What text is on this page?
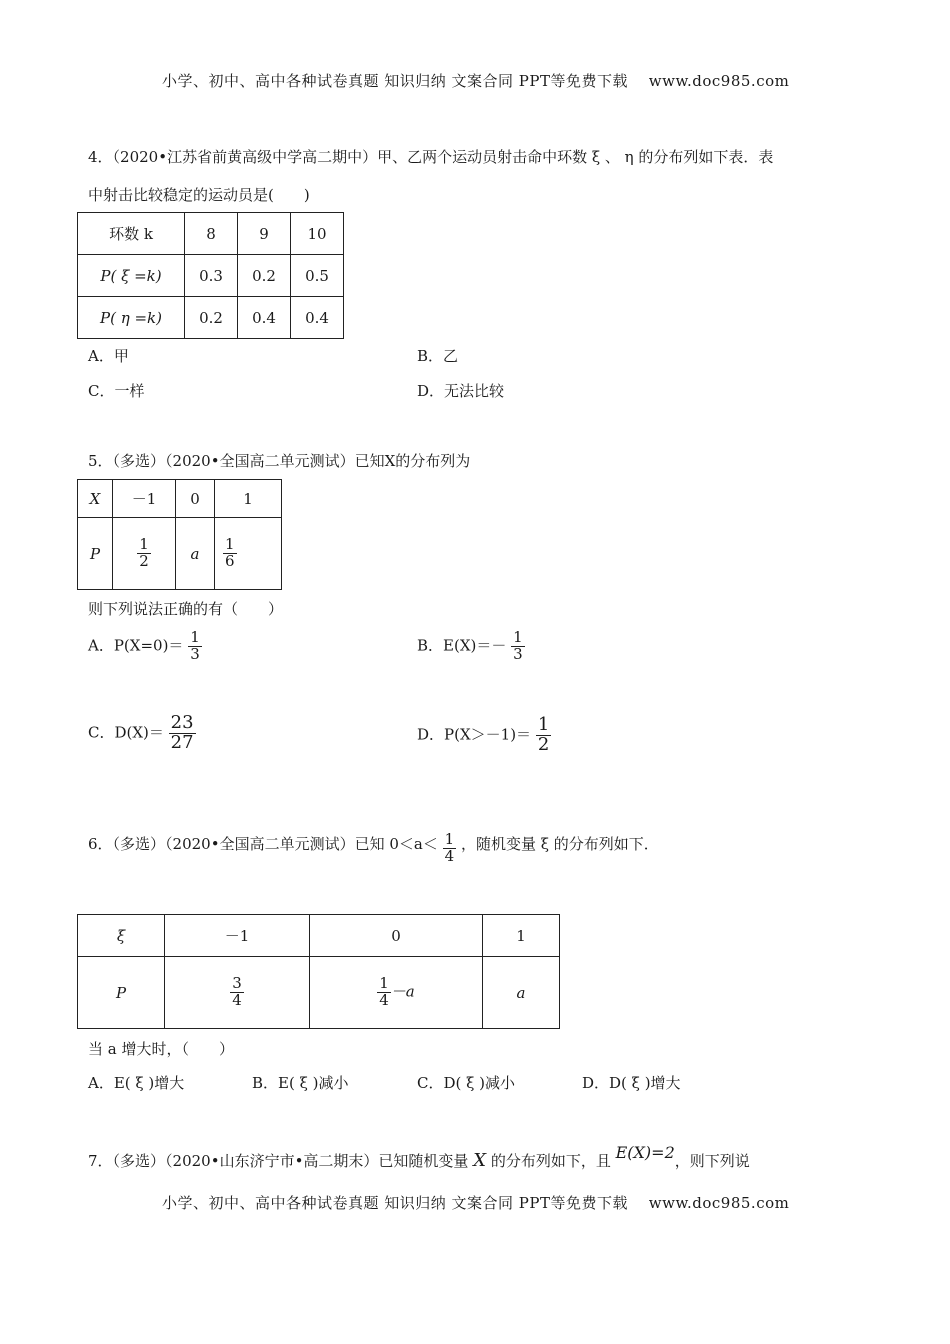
小学、初中、高中各种试卷真题 知识归纳 文案合同 PPT等免费下载　 www.doc985.com
4．（2020•江苏省前黄高级中学高二期中）甲、乙两个运动员射击命中环数 ξ 、 η 的分布列如下表．表
中射击比较稳定的运动员是(　　)
环数 k	8	9	10
P( ξ =k)	0.3	0.2	0.5
P( η =k)	0.2	0.4	0.4
A．甲	B．乙
C．一样	D．无法比较
5．（多选）（2020•全国高二单元测试）已知X的分布列为
X	－1	0	1
P	$\frac{1}{2}$	a	$\frac{1}{6}$
则下列说法正确的有（　　）
A．$P(X=0)= \frac{1}{3}$	B．$E(X)=- \frac{1}{3}$
C．$D(X)= \frac{23}{27}$	D．$P(X>-1)= \frac{1}{2}$
6．（多选）（2020•全国高二单元测试）已知 $0<a< \frac{1}{4}$ ，随机变量 ξ 的分布列如下．
ξ	－1	0	1
P	$\frac{3}{4}$	$\frac{1}{4} -a$	a
当 a 增大时，（　　）
A．E( ξ )增大	B．E( ξ )减小	C．D( ξ )减小	D．D( ξ )增大
7．（多选）（2020•山东济宁市•高二期末）已知随机变量 X 的分布列如下，且 E(X)=2，则下列说
小学、初中、高中各种试卷真题 知识归纳 文案合同 PPT等免费下载　 www.doc985.com
